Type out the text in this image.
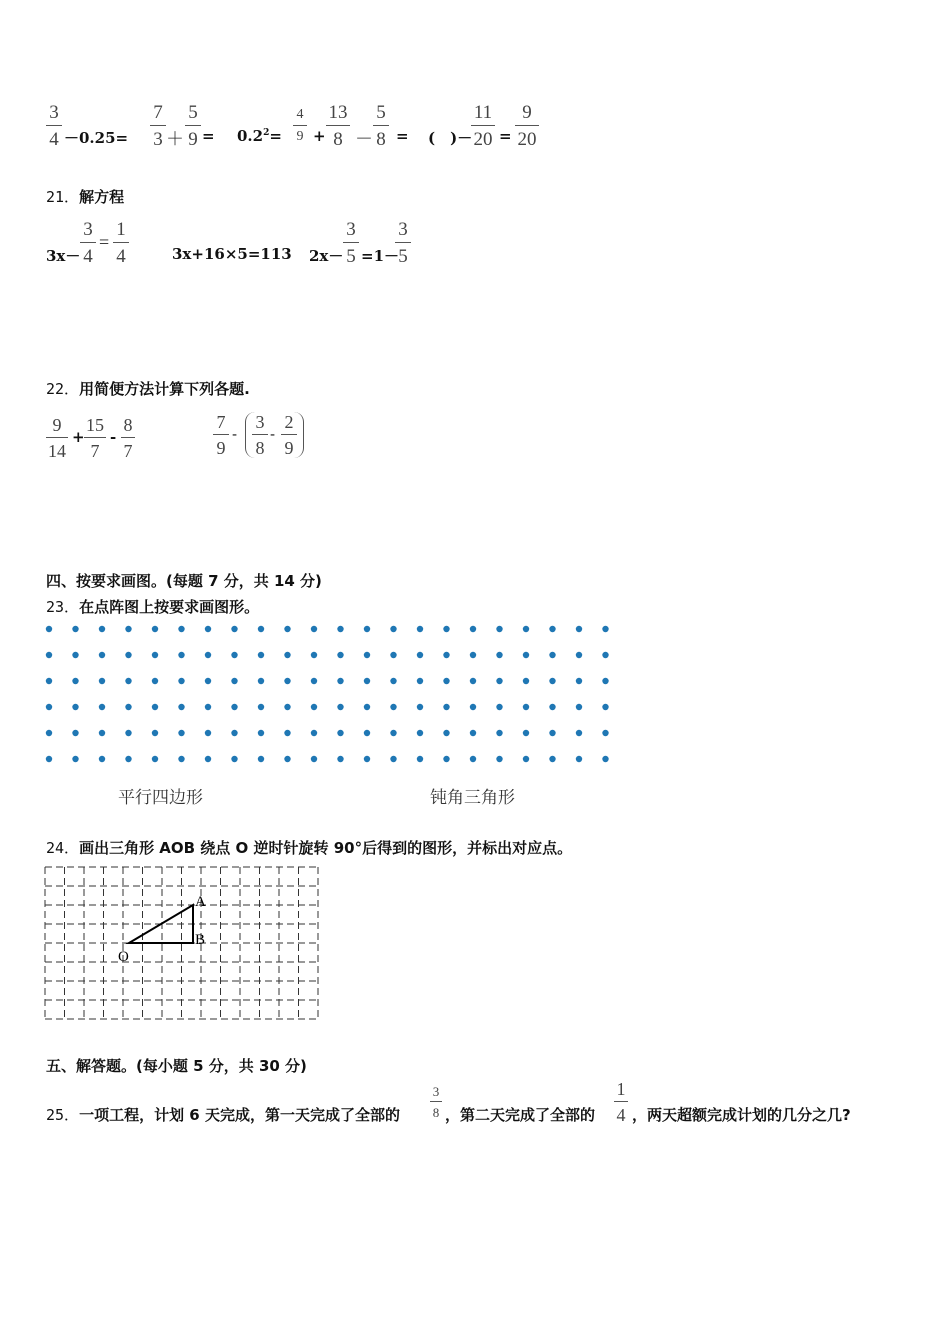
3
4 －0.25=
7
3 ＋
5
$9 = 0.2^2=$
4
9 +
13
8 －
5
8 = (　)－
11
20 =
9
20
21．解方程
3x－
3
4
=
1
4	3x+16×5=113 2x－
3
5 =1－
3
5
22．用简便方法计算下列各题.
9
14
+
15
7
-
8
7
7
9
-
3
8
-
2
9
四、按要求画图。(每题 7 分，共 14 分)
23．在点阵图上按要求画图形。
平行四边形	钝角三角形
24．画出三角形 AOB 绕点 O 逆时针旋转 90°后得到的图形，并标出对应点。
A
B
O
五、解答题。(每小题 5 分，共 30 分)
25．一项工程，计划 6 天完成，第一天完成了全部的
3
8 ，第二天完成了全部的
1
4 ，两天超额完成计划的几分之几?
